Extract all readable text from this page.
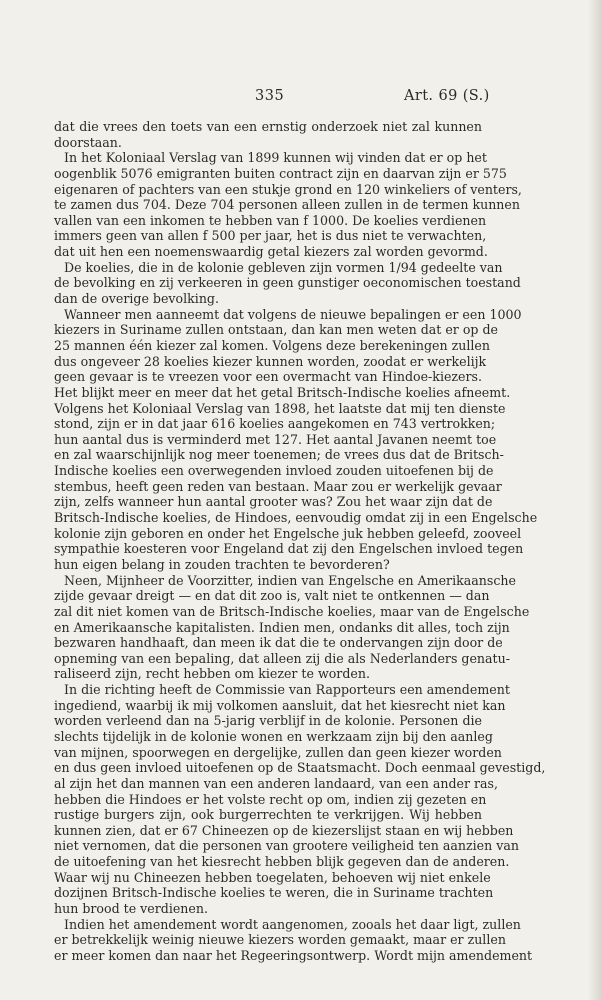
335	Art. 69 (S.)
dat die vrees den toets van een ernstig onderzoek niet zal kunnen
doorstaan.
In het Koloniaal Verslag van 1899 kunnen wij vinden dat er op het
oogenblik 5076 emigranten buiten contract zijn en daarvan zijn er 575
eigenaren of pachters van een stukje grond en 120 winkeliers of venters,
te zamen dus 704. Deze 704 personen alleen zullen in de termen kunnen
vallen van een inkomen te hebben van f 1000. De koelies verdienen
immers geen van allen f 500 per jaar, het is dus niet te verwachten,
dat uit hen een noemenswaardig getal kiezers zal worden gevormd.
De koelies, die in de kolonie gebleven zijn vormen 1/94 gedeelte van
de bevolking en zij verkeeren in geen gunstiger oeconomischen toestand
dan de overige bevolking.
Wanneer men aanneemt dat volgens de nieuwe bepalingen er een 1000
kiezers in Suriname zullen ontstaan, dan kan men weten dat er op de
25 mannen één kiezer zal komen. Volgens deze berekeningen zullen
dus ongeveer 28 koelies kiezer kunnen worden, zoodat er werkelijk
geen gevaar is te vreezen voor een overmacht van Hindoe-kiezers.
Het blijkt meer en meer dat het getal Britsch-Indische koelies afneemt.
Volgens het Koloniaal Verslag van 1898, het laatste dat mij ten dienste
stond, zijn er in dat jaar 616 koelies aangekomen en 743 vertrokken;
hun aantal dus is verminderd met 127. Het aantal Javanen neemt toe
en zal waarschijnlijk nog meer toenemen; de vrees dus dat de Britsch-
Indische koelies een overwegenden invloed zouden uitoefenen bij de
stembus, heeft geen reden van bestaan. Maar zou er werkelijk gevaar
zijn, zelfs wanneer hun aantal grooter was? Zou het waar zijn dat de
Britsch-Indische koelies, de Hindoes, eenvoudig omdat zij in een Engelsche
kolonie zijn geboren en onder het Engelsche juk hebben geleefd, zooveel
sympathie koesteren voor Engeland dat zij den Engelschen invloed tegen
hun eigen belang in zouden trachten te bevorderen?
Neen, Mijnheer de Voorzitter, indien van Engelsche en Amerikaansche
zijde gevaar dreigt — en dat dit zoo is, valt niet te ontkennen — dan
zal dit niet komen van de Britsch-Indische koelies, maar van de Engelsche
en Amerikaansche kapitalisten. Indien men, ondanks dit alles, toch zijn
bezwaren handhaaft, dan meen ik dat die te ondervangen zijn door de
opneming van een bepaling, dat alleen zij die als Nederlanders genatu-
raliseerd zijn, recht hebben om kiezer te worden.
In die richting heeft de Commissie van Rapporteurs een amendement
ingediend, waarbij ik mij volkomen aansluit, dat het kiesrecht niet kan
worden verleend dan na 5-jarig verblijf in de kolonie. Personen die
slechts tijdelijk in de kolonie wonen en werkzaam zijn bij den aanleg
van mijnen, spoorwegen en dergelijke, zullen dan geen kiezer worden
en dus geen invloed uitoefenen op de Staatsmacht. Doch eenmaal gevestigd,
al zijn het dan mannen van een anderen landaard, van een ander ras,
hebben die Hindoes er het volste recht op om, indien zij gezeten en
rustige burgers zijn, ook burgerrechten te verkrijgen. Wij hebben
kunnen zien, dat er 67 Chineezen op de kiezerslijst staan en wij hebben
niet vernomen, dat die personen van grootere veiligheid ten aanzien van
de uitoefening van het kiesrecht hebben blijk gegeven dan de anderen.
Waar wij nu Chineezen hebben toegelaten, behoeven wij niet enkele
dozijnen Britsch-Indische koelies te weren, die in Suriname trachten
hun brood te verdienen.
Indien het amendement wordt aangenomen, zooals het daar ligt, zullen
er betrekkelijk weinig nieuwe kiezers worden gemaakt, maar er zullen
er meer komen dan naar het Regeeringsontwerp. Wordt mijn amendement
